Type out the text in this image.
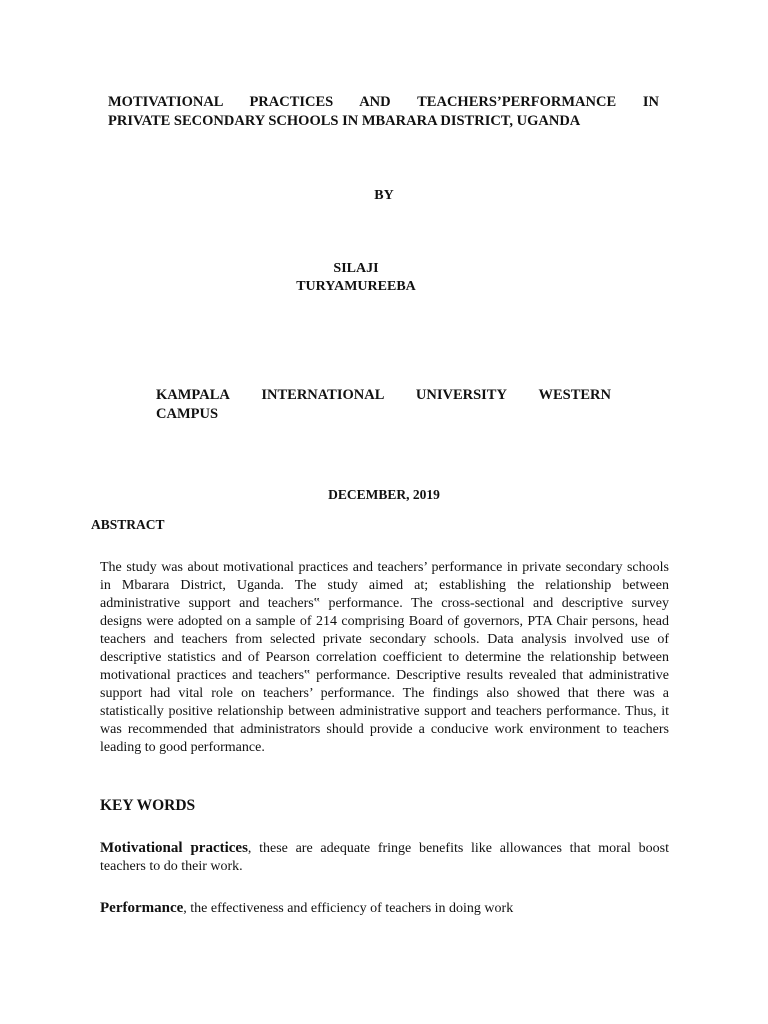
MOTIVATIONAL PRACTICES AND TEACHERS’PERFORMANCE IN
PRIVATE SECONDARY SCHOOLS IN MBARARA DISTRICT, UGANDA
BY
SILAJI
TURYAMUREEBA
KAMPALA INTERNATIONAL UNIVERSITY WESTERN
CAMPUS
DECEMBER, 2019
ABSTRACT
The study was about motivational practices and teachers’ performance in private secondary schools in Mbarara District, Uganda. The study aimed at; establishing the relationship between administrative support and teachers‟ performance. The cross-sectional and descriptive survey designs were adopted on a sample of 214 comprising Board of governors, PTA Chair persons, head teachers and teachers from selected private secondary schools. Data analysis involved use of descriptive statistics and of Pearson correlation coefficient to determine the relationship between motivational practices and teachers‟ performance. Descriptive results revealed that administrative support had vital role on teachers’ performance. The findings also showed that there was a statistically positive relationship between administrative support and teachers performance. Thus, it was recommended that administrators should provide a conducive work environment to teachers leading to good performance.
KEY WORDS
Motivational practices, these are adequate fringe benefits like allowances that moral boost teachers to do their work.
Performance, the effectiveness and efficiency of teachers in doing work
